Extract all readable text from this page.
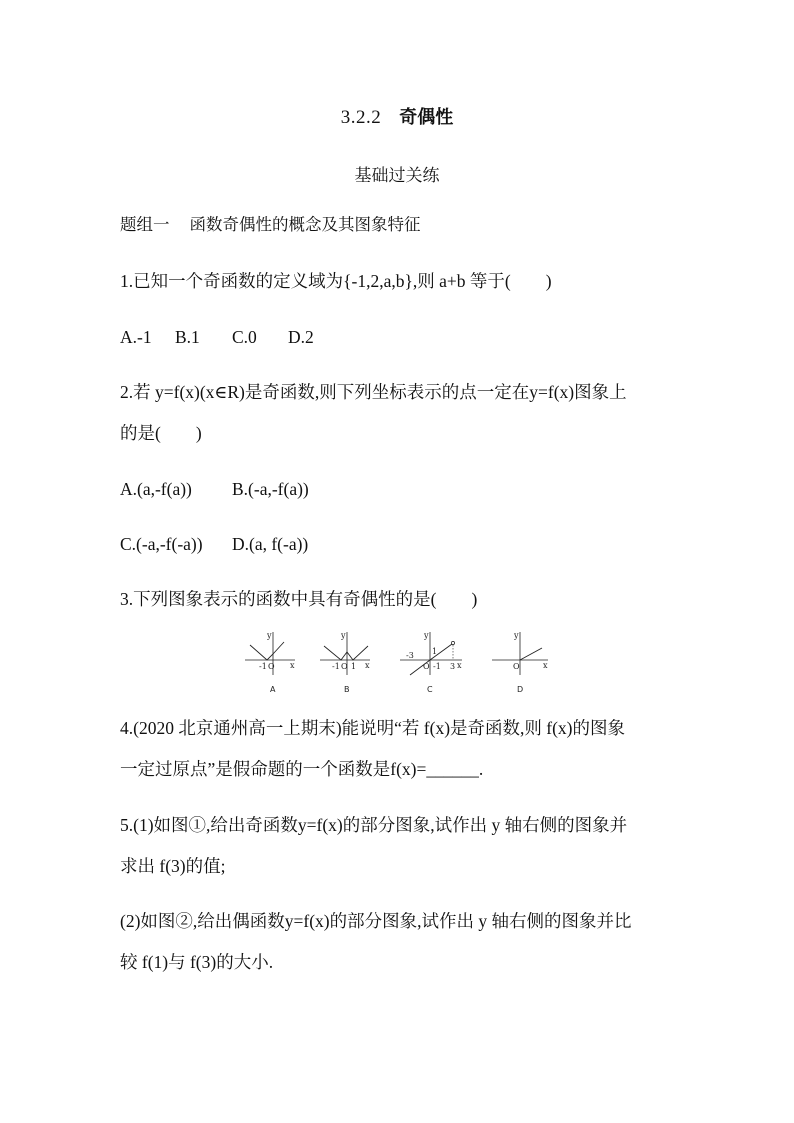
3.2.2 奇偶性
基础过关练
题组一 函数奇偶性的概念及其图象特征
1.已知一个奇函数的定义域为{-1,2,a,b},则 a+b 等于(　　)
A.-1 B.1 C.0 D.2
2.若 y=f(x)(x∈R)是奇函数,则下列坐标表示的点一定在y=f(x)图象上
的是(　　)
A.(a,-f(a)) B.(-a,-f(a))
C.(-a,-f(-a)) D.(a, f(-a))
3.下列图象表示的函数中具有奇偶性的是(　　)
y
x
-1 O
A
y
x
-1 O 1
B
y
x
-3 1
O -1 3
C
y
x
O
D
4.(2020 北京通州高一上期末)能说明“若 f(x)是奇函数,则 f(x)的图象
一定过原点”是假命题的一个函数是f(x)=______.
5.(1)如图①,给出奇函数y=f(x)的部分图象,试作出 y 轴右侧的图象并
求出 f(3)的值;
(2)如图②,给出偶函数y=f(x)的部分图象,试作出 y 轴右侧的图象并比
较 f(1)与 f(3)的大小.
